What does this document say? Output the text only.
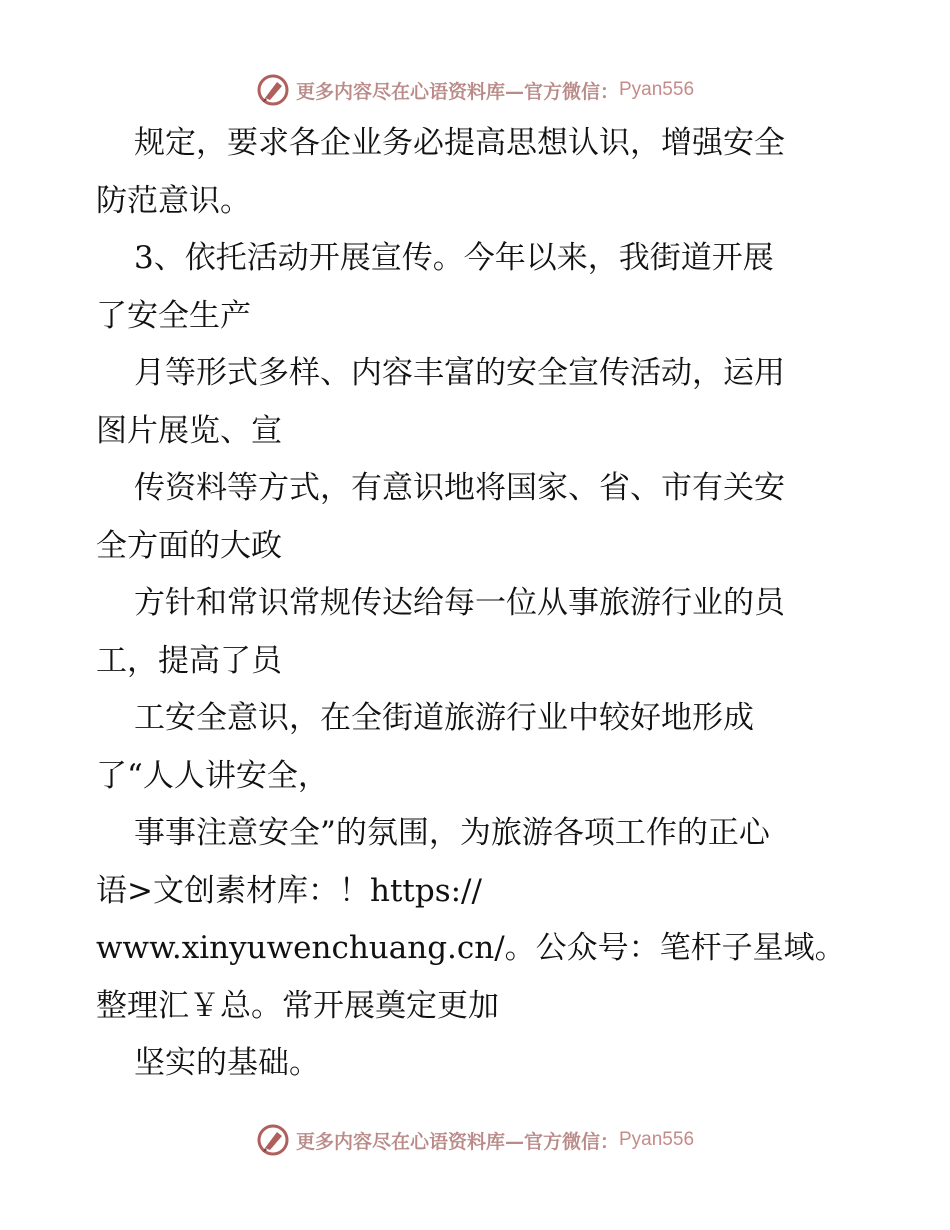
更多内容尽在心语资料库—官方微信： Pyan556
规定，要求各企业务必提高思想认识，增强安全
防范意识。
3、依托活动开展宣传。今年以来，我街道开展
了安全生产
月等形式多样、内容丰富的安全宣传活动，运用
图片展览、宣
传资料等方式，有意识地将国家、省、市有关安
全方面的大政
方针和常识常规传达给每一位从事旅游行业的员
工，提高了员
工安全意识，在全街道旅游行业中较好地形成
了“人人讲安全，
事事注意安全”的氛围，为旅游各项工作的正心
语>文创素材库：！https://
www.xinyuwenchuang.cn/。公众号：笔杆子星域。
整理汇￥总。常开展奠定更加
坚实的基础。
更多内容尽在心语资料库—官方微信： Pyan556
